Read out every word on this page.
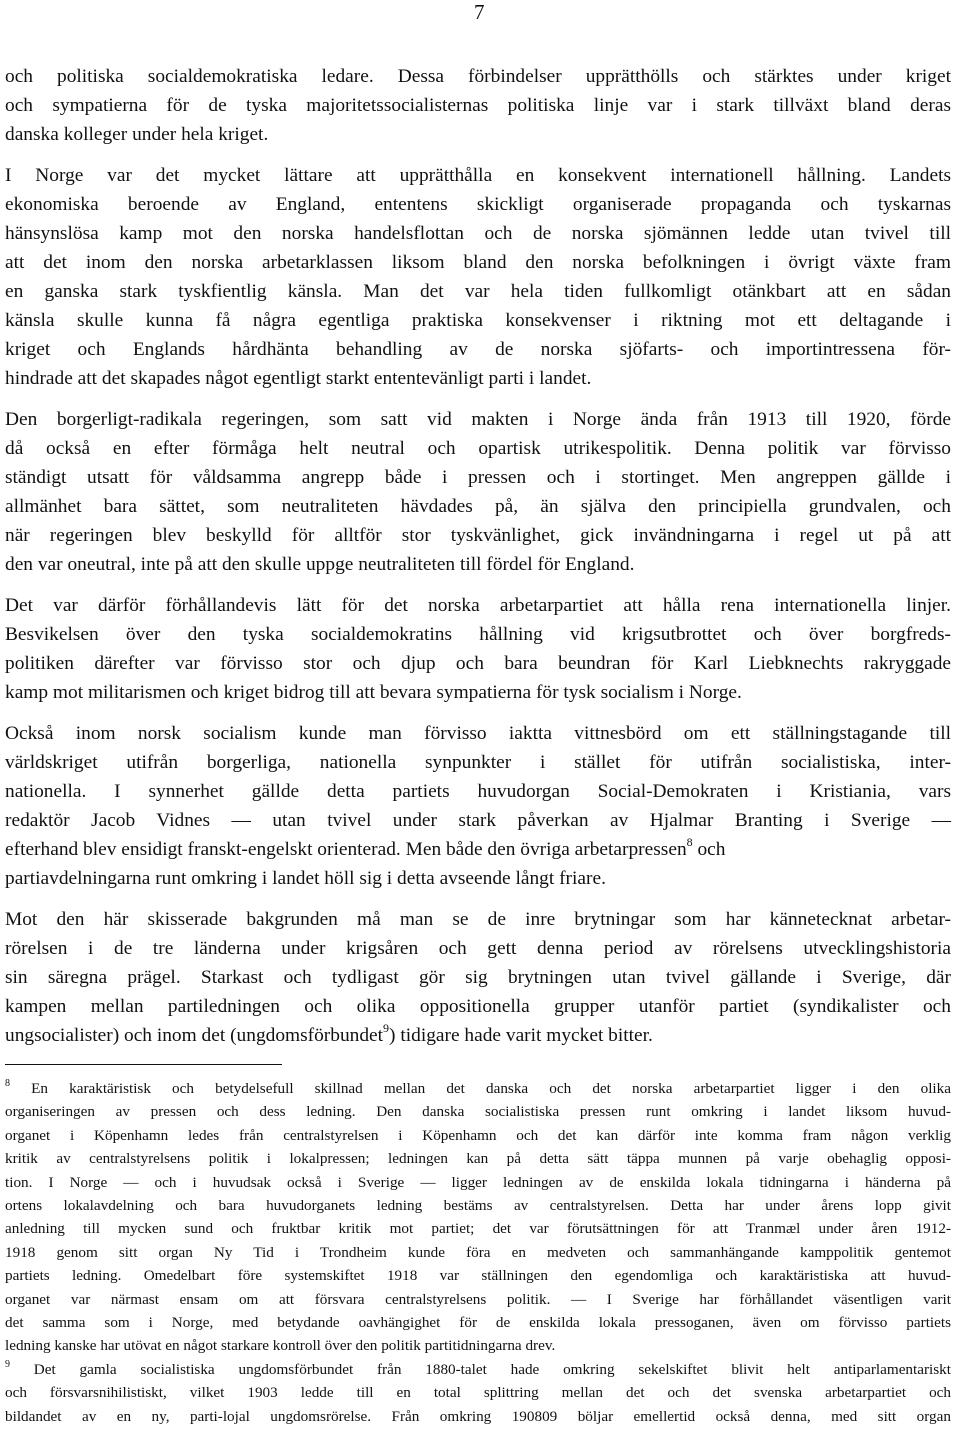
7

och politiska socialdemokratiska ledare. Dessa förbindelser upprätthölls och stärktes under kriget
och sympatierna för de tyska majoritetssocialisternas politiska linje var i stark tillväxt bland deras
danska kolleger under hela kriget.

I Norge var det mycket lättare att upprätthålla en konsekvent internationell hållning. Landets
ekonomiska beroende av England, ententens skickligt organiserade propaganda och tyskarnas
hänsynslösa kamp mot den norska handelsflottan och de norska sjömännen ledde utan tvivel till
att det inom den norska arbetarklassen liksom bland den norska befolkningen i övrigt växte fram
en ganska stark tyskfientlig känsla. Man det var hela tiden fullkomligt otänkbart att en sådan
känsla skulle kunna få några egentliga praktiska konsekvenser i riktning mot ett deltagande i
kriget och Englands hårdhänta behandling av de norska sjöfarts- och importintressena för-
hindrade att det skapades något egentligt starkt ententevänligt parti i landet.

Den borgerligt-radikala regeringen, som satt vid makten i Norge ända från 1913 till 1920, förde
då också en efter förmåga helt neutral och opartisk utrikespolitik. Denna politik var förvisso
ständigt utsatt för våldsamma angrepp både i pressen och i stortinget. Men angreppen gällde i
allmänhet bara sättet, som neutraliteten hävdades på, än själva den principiella grundvalen, och
när regeringen blev beskylld för alltför stor tyskvänlighet, gick invändningarna i regel ut på att
den var oneutral, inte på att den skulle uppge neutraliteten till fördel för England.

Det var därför förhållandevis lätt för det norska arbetarpartiet att hålla rena internationella linjer.
Besvikelsen över den tyska socialdemokratins hållning vid krigsutbrottet och över borgfreds-
politiken därefter var förvisso stor och djup och bara beundran för Karl Liebknechts rakryggade
kamp mot militarismen och kriget bidrog till att bevara sympatierna för tysk socialism i Norge.

Också inom norsk socialism kunde man förvisso iaktta vittnesbörd om ett ställningstagande till
världskriget utifrån borgerliga, nationella synpunkter i stället för utifrån socialistiska, inter-
nationella. I synnerhet gällde detta partiets huvudorgan Social-Demokraten i Kristiania, vars
redaktör Jacob Vidnes — utan tvivel under stark påverkan av Hjalmar Branting i Sverige —
efterhand blev ensidigt franskt-engelskt orienterad. Men både den övriga arbetarpressen$^8$ och
partiavdelningarna runt omkring i landet höll sig i detta avseende långt friare.

Mot den här skisserade bakgrunden må man se de inre brytningar som har kännetecknat arbetar-
rörelsen i de tre länderna under krigsåren och gett denna period av rörelsens utvecklingshistoria
sin säregna prägel. Starkast och tydligast gör sig brytningen utan tvivel gällande i Sverige, där
kampen mellan partiledningen och olika oppositionella grupper utanför partiet (syndikalister och
ungsocialister) och inom det (ungdomsförbundet$^9$) tidigare hade varit mycket bitter.

$^8$ En karaktäristisk och betydelsefull skillnad mellan det danska och det norska arbetarpartiet ligger i den olika
organiseringen av pressen och dess ledning. Den danska socialistiska pressen runt omkring i landet liksom huvud-
organet i Köpenhamn ledes från centralstyrelsen i Köpenhamn och det kan därför inte komma fram någon verklig
kritik av centralstyrelsens politik i lokalpressen; ledningen kan på detta sätt täppa munnen på varje obehaglig opposi-
tion. I Norge — och i huvudsak också i Sverige — ligger ledningen av de enskilda lokala tidningarna i händerna på
ortens lokalavdelning och bara huvudorganets ledning bestäms av centralstyrelsen. Detta har under årens lopp givit
anledning till mycken sund och fruktbar kritik mot partiet; det var förutsättningen för att Tranmæl under åren 1912-
1918 genom sitt organ Ny Tid i Trondheim kunde föra en medveten och sammanhängande kamppolitik gentemot
partiets ledning. Omedelbart före systemskiftet 1918 var ställningen den egendomliga och karaktäristiska att huvud-
organet var närmast ensam om att försvara centralstyrelsens politik. — I Sverige har förhållandet väsentligen varit
det samma som i Norge, med betydande oavhängighet för de enskilda lokala pressoganen, även om förvisso partiets
ledning kanske har utövat en något starkare kontroll över den politik partitidningarna drev.
$^9$ Det gamla socialistiska ungdomsförbundet från 1880-talet hade omkring sekelskiftet blivit helt antiparlamentariskt
och försvarsnihilistiskt, vilket 1903 ledde till en total splittring mellan det och det svenska arbetarpartiet och
bildandet av en ny, parti-lojal ungdomsrörelse. Från omkring 190809 böljar emellertid också denna, med sitt organ
